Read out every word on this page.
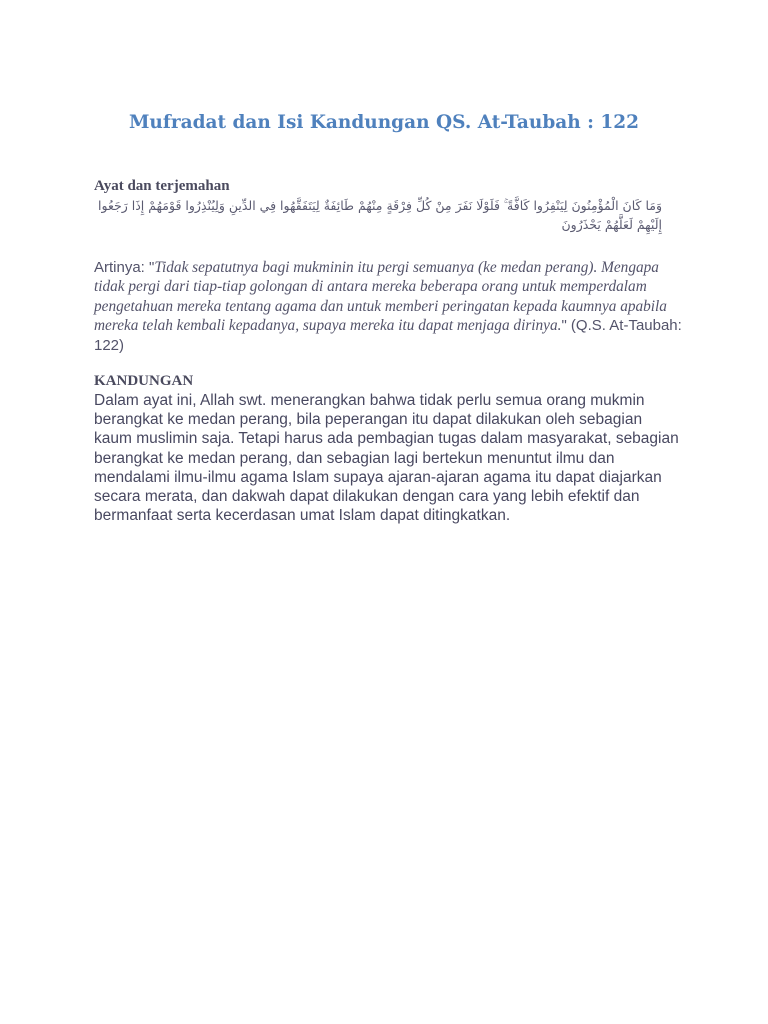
Mufradat dan Isi Kandungan QS. At-Taubah : 122
Ayat dan terjemahan
وَمَا كَانَ الْمُؤْمِنُونَ لِيَنْفِرُوا كَافَّةً ۚ فَلَوْلَا نَفَرَ مِنْ كُلِّ فِرْقَةٍ مِنْهُمْ طَائِفَةٌ لِيَتَفَقَّهُوا فِي الدِّينِ وَلِيُنْذِرُوا قَوْمَهُمْ إِذَا رَجَعُوا إِلَيْهِمْ لَعَلَّهُمْ يَحْذَرُونَ
Artinya: "Tidak sepatutnya bagi mukminin itu pergi semuanya (ke medan perang). Mengapa tidak pergi dari tiap-tiap golongan di antara mereka beberapa orang untuk memperdalam pengetahuan mereka tentang agama dan untuk memberi peringatan kepada kaumnya apabila mereka telah kembali kepadanya, supaya mereka itu dapat menjaga dirinya." (Q.S. At-Taubah: 122)
KANDUNGAN
Dalam ayat ini, Allah swt. menerangkan bahwa tidak perlu semua orang mukmin berangkat ke medan perang, bila peperangan itu dapat dilakukan oleh sebagian kaum muslimin saja. Tetapi harus ada pembagian tugas dalam masyarakat, sebagian berangkat ke medan perang, dan sebagian lagi bertekun menuntut ilmu dan mendalami ilmu-ilmu agama Islam supaya ajaran-ajaran agama itu dapat diajarkan secara merata, dan dakwah dapat dilakukan dengan cara yang lebih efektif dan bermanfaat serta kecerdasan umat Islam dapat ditingkatkan.
